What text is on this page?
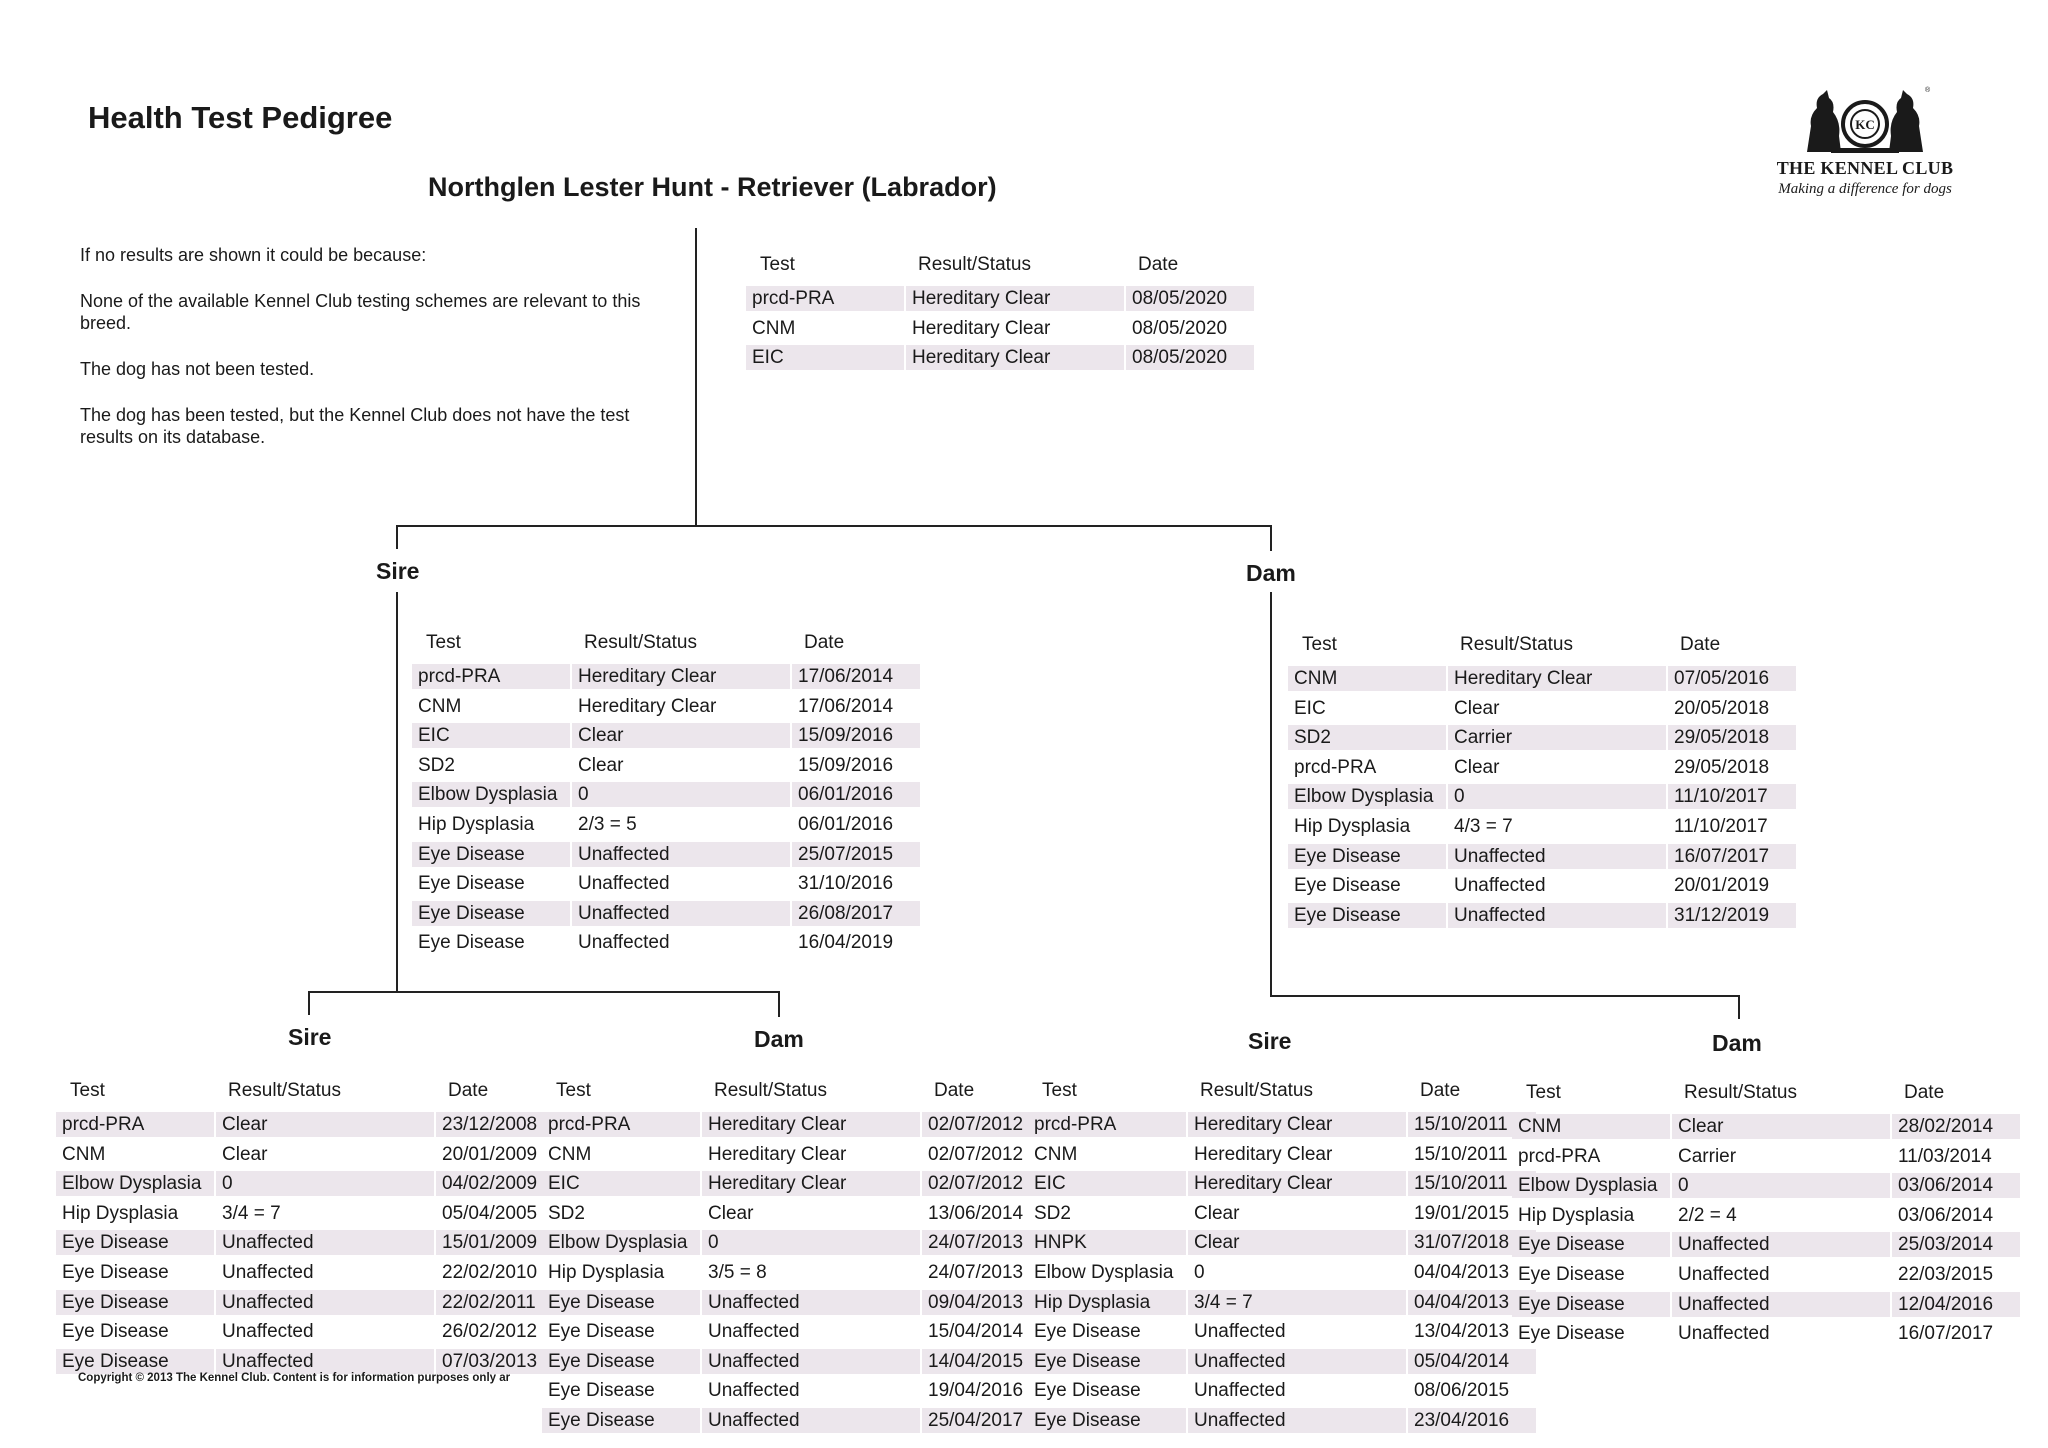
Health Test Pedigree
Northglen Lester Hunt - Retriever (Labrador)
KC
®
THE KENNEL CLUB
Making a difference for dogs

If no results are shown it could be because:

None of the available Kennel Club testing schemes are relevant to this breed.

The dog has not been tested.

The dog has been tested, but the Kennel Club does not have the test results on its database.

Sire	Dam
Sire	Dam	Sire	Dam
Test	Result/Status	Date
prcd-PRA	Hereditary Clear	08/05/2020
CNM	Hereditary Clear	08/05/2020
EIC	Hereditary Clear	08/05/2020
Test	Result/Status	Date
prcd-PRA	Hereditary Clear	17/06/2014
CNM	Hereditary Clear	17/06/2014
EIC	Clear	15/09/2016
SD2	Clear	15/09/2016
Elbow Dysplasia	0	06/01/2016
Hip Dysplasia	2/3 = 5	06/01/2016
Eye Disease	Unaffected	25/07/2015
Eye Disease	Unaffected	31/10/2016
Eye Disease	Unaffected	26/08/2017
Eye Disease	Unaffected	16/04/2019
Test	Result/Status	Date
CNM	Hereditary Clear	07/05/2016
EIC	Clear	20/05/2018
SD2	Carrier	29/05/2018
prcd-PRA	Clear	29/05/2018
Elbow Dysplasia	0	11/10/2017
Hip Dysplasia	4/3 = 7	11/10/2017
Eye Disease	Unaffected	16/07/2017
Eye Disease	Unaffected	20/01/2019
Eye Disease	Unaffected	31/12/2019
Test	Result/Status	Date
prcd-PRA	Clear	23/12/2008
CNM	Clear	20/01/2009
Elbow Dysplasia	0	04/02/2009
Hip Dysplasia	3/4 = 7	05/04/2005
Eye Disease	Unaffected	15/01/2009
Eye Disease	Unaffected	22/02/2010
Eye Disease	Unaffected	22/02/2011
Eye Disease	Unaffected	26/02/2012
Eye Disease	Unaffected	07/03/2013
Test	Result/Status	Date
prcd-PRA	Hereditary Clear	02/07/2012
CNM	Hereditary Clear	02/07/2012
EIC	Hereditary Clear	02/07/2012
SD2	Clear	13/06/2014
Elbow Dysplasia	0	24/07/2013
Hip Dysplasia	3/5 = 8	24/07/2013
Eye Disease	Unaffected	09/04/2013
Eye Disease	Unaffected	15/04/2014
Eye Disease	Unaffected	14/04/2015
Eye Disease	Unaffected	19/04/2016
Eye Disease	Unaffected	25/04/2017
Test	Result/Status	Date
prcd-PRA	Hereditary Clear	15/10/2011
CNM	Hereditary Clear	15/10/2011
EIC	Hereditary Clear	15/10/2011
SD2	Clear	19/01/2015
HNPK	Clear	31/07/2018
Elbow Dysplasia	0	04/04/2013
Hip Dysplasia	3/4 = 7	04/04/2013
Eye Disease	Unaffected	13/04/2013
Eye Disease	Unaffected	05/04/2014
Eye Disease	Unaffected	08/06/2015
Eye Disease	Unaffected	23/04/2016
Test	Result/Status	Date
CNM	Clear	28/02/2014
prcd-PRA	Carrier	11/03/2014
Elbow Dysplasia	0	03/06/2014
Hip Dysplasia	2/2 = 4	03/06/2014
Eye Disease	Unaffected	25/03/2014
Eye Disease	Unaffected	22/03/2015
Eye Disease	Unaffected	12/04/2016
Eye Disease	Unaffected	16/07/2017
Copyright © 2013 The Kennel Club. Content is for information purposes only ar
